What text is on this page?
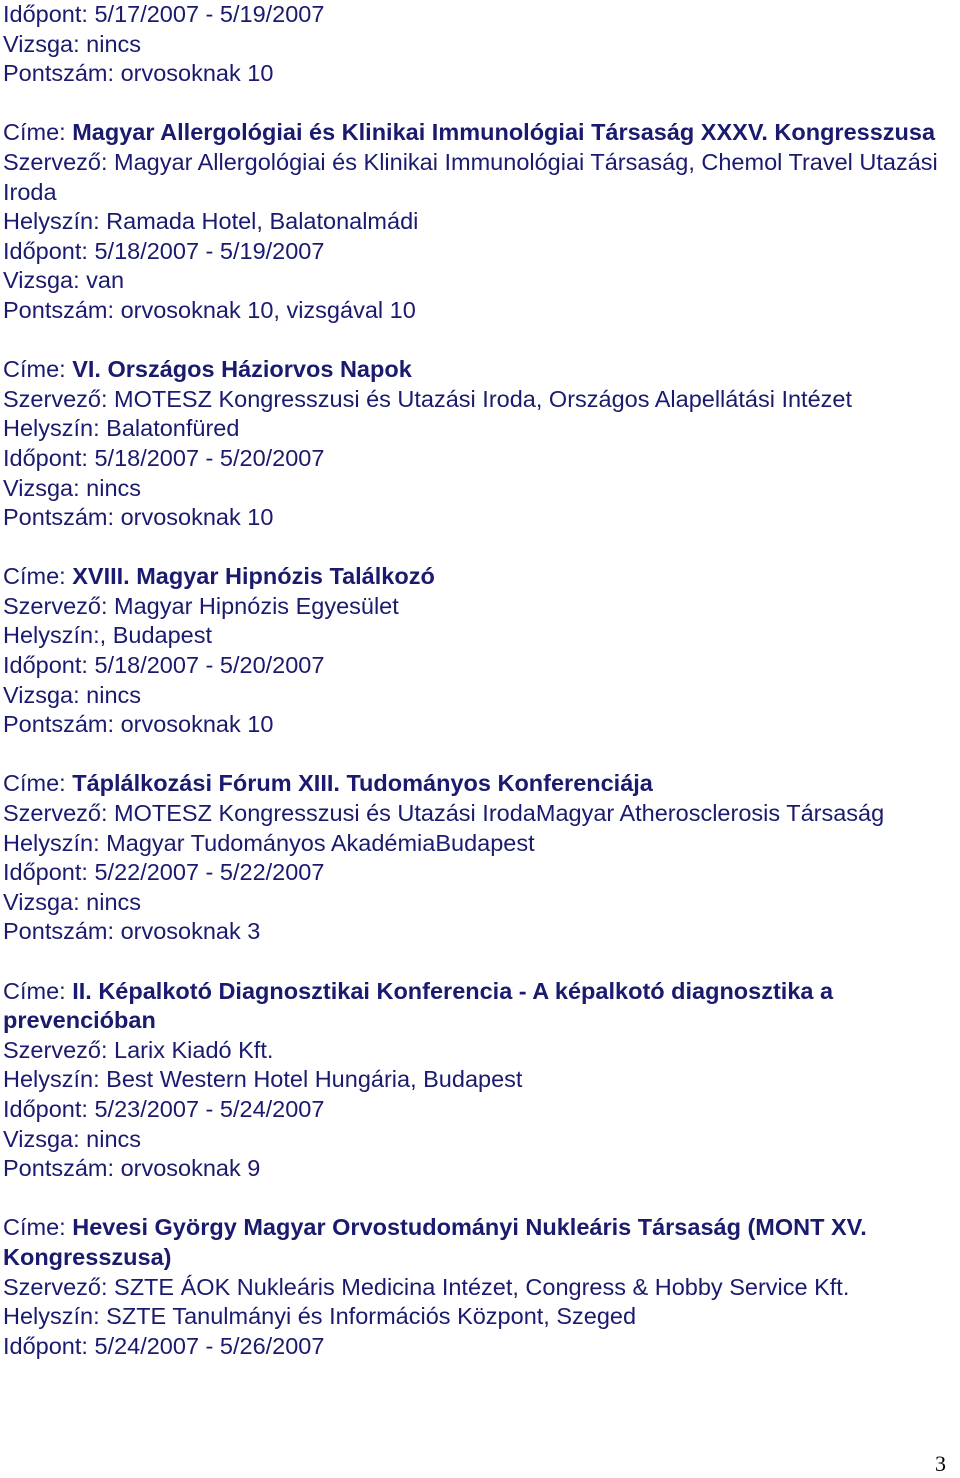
Időpont: 5/17/2007 - 5/19/2007
Vizsga: nincs
Pontszám: orvosoknak 10
Címe: Magyar Allergológiai és Klinikai Immunológiai Társaság XXXV. Kongresszusa
Szervező: Magyar Allergológiai és Klinikai Immunológiai Társaság, Chemol Travel Utazási Iroda
Helyszín: Ramada Hotel, Balatonalmádi
Időpont: 5/18/2007 - 5/19/2007
Vizsga: van
Pontszám: orvosoknak 10, vizsgával 10
Címe: VI. Országos Háziorvos Napok
Szervező: MOTESZ Kongresszusi és Utazási Iroda, Országos Alapellátási Intézet
Helyszín: Balatonfüred
Időpont: 5/18/2007 - 5/20/2007
Vizsga: nincs
Pontszám: orvosoknak 10
Címe: XVIII. Magyar Hipnózis Találkozó
Szervező: Magyar Hipnózis Egyesület
Helyszín:, Budapest
Időpont: 5/18/2007 - 5/20/2007
Vizsga: nincs
Pontszám: orvosoknak 10
Címe: Táplálkozási Fórum XIII. Tudományos Konferenciája
Szervező: MOTESZ Kongresszusi és Utazási IrodaMagyar Atherosclerosis Társaság
Helyszín: Magyar Tudományos AkadémiaBudapest
Időpont: 5/22/2007 - 5/22/2007
Vizsga: nincs
Pontszám: orvosoknak 3
Címe: II. Képalkotó Diagnosztikai Konferencia - A képalkotó diagnosztika a prevencióban
Szervező: Larix Kiadó Kft.
Helyszín: Best Western Hotel Hungária, Budapest
Időpont: 5/23/2007 - 5/24/2007
Vizsga: nincs
Pontszám: orvosoknak 9
Címe: Hevesi György Magyar Orvostudományi Nukleáris Társaság (MONT XV. Kongresszusa)
Szervező: SZTE ÁOK Nukleáris Medicina Intézet, Congress & Hobby Service Kft.
Helyszín: SZTE Tanulmányi és Információs Központ, Szeged
Időpont: 5/24/2007 - 5/26/2007
3
